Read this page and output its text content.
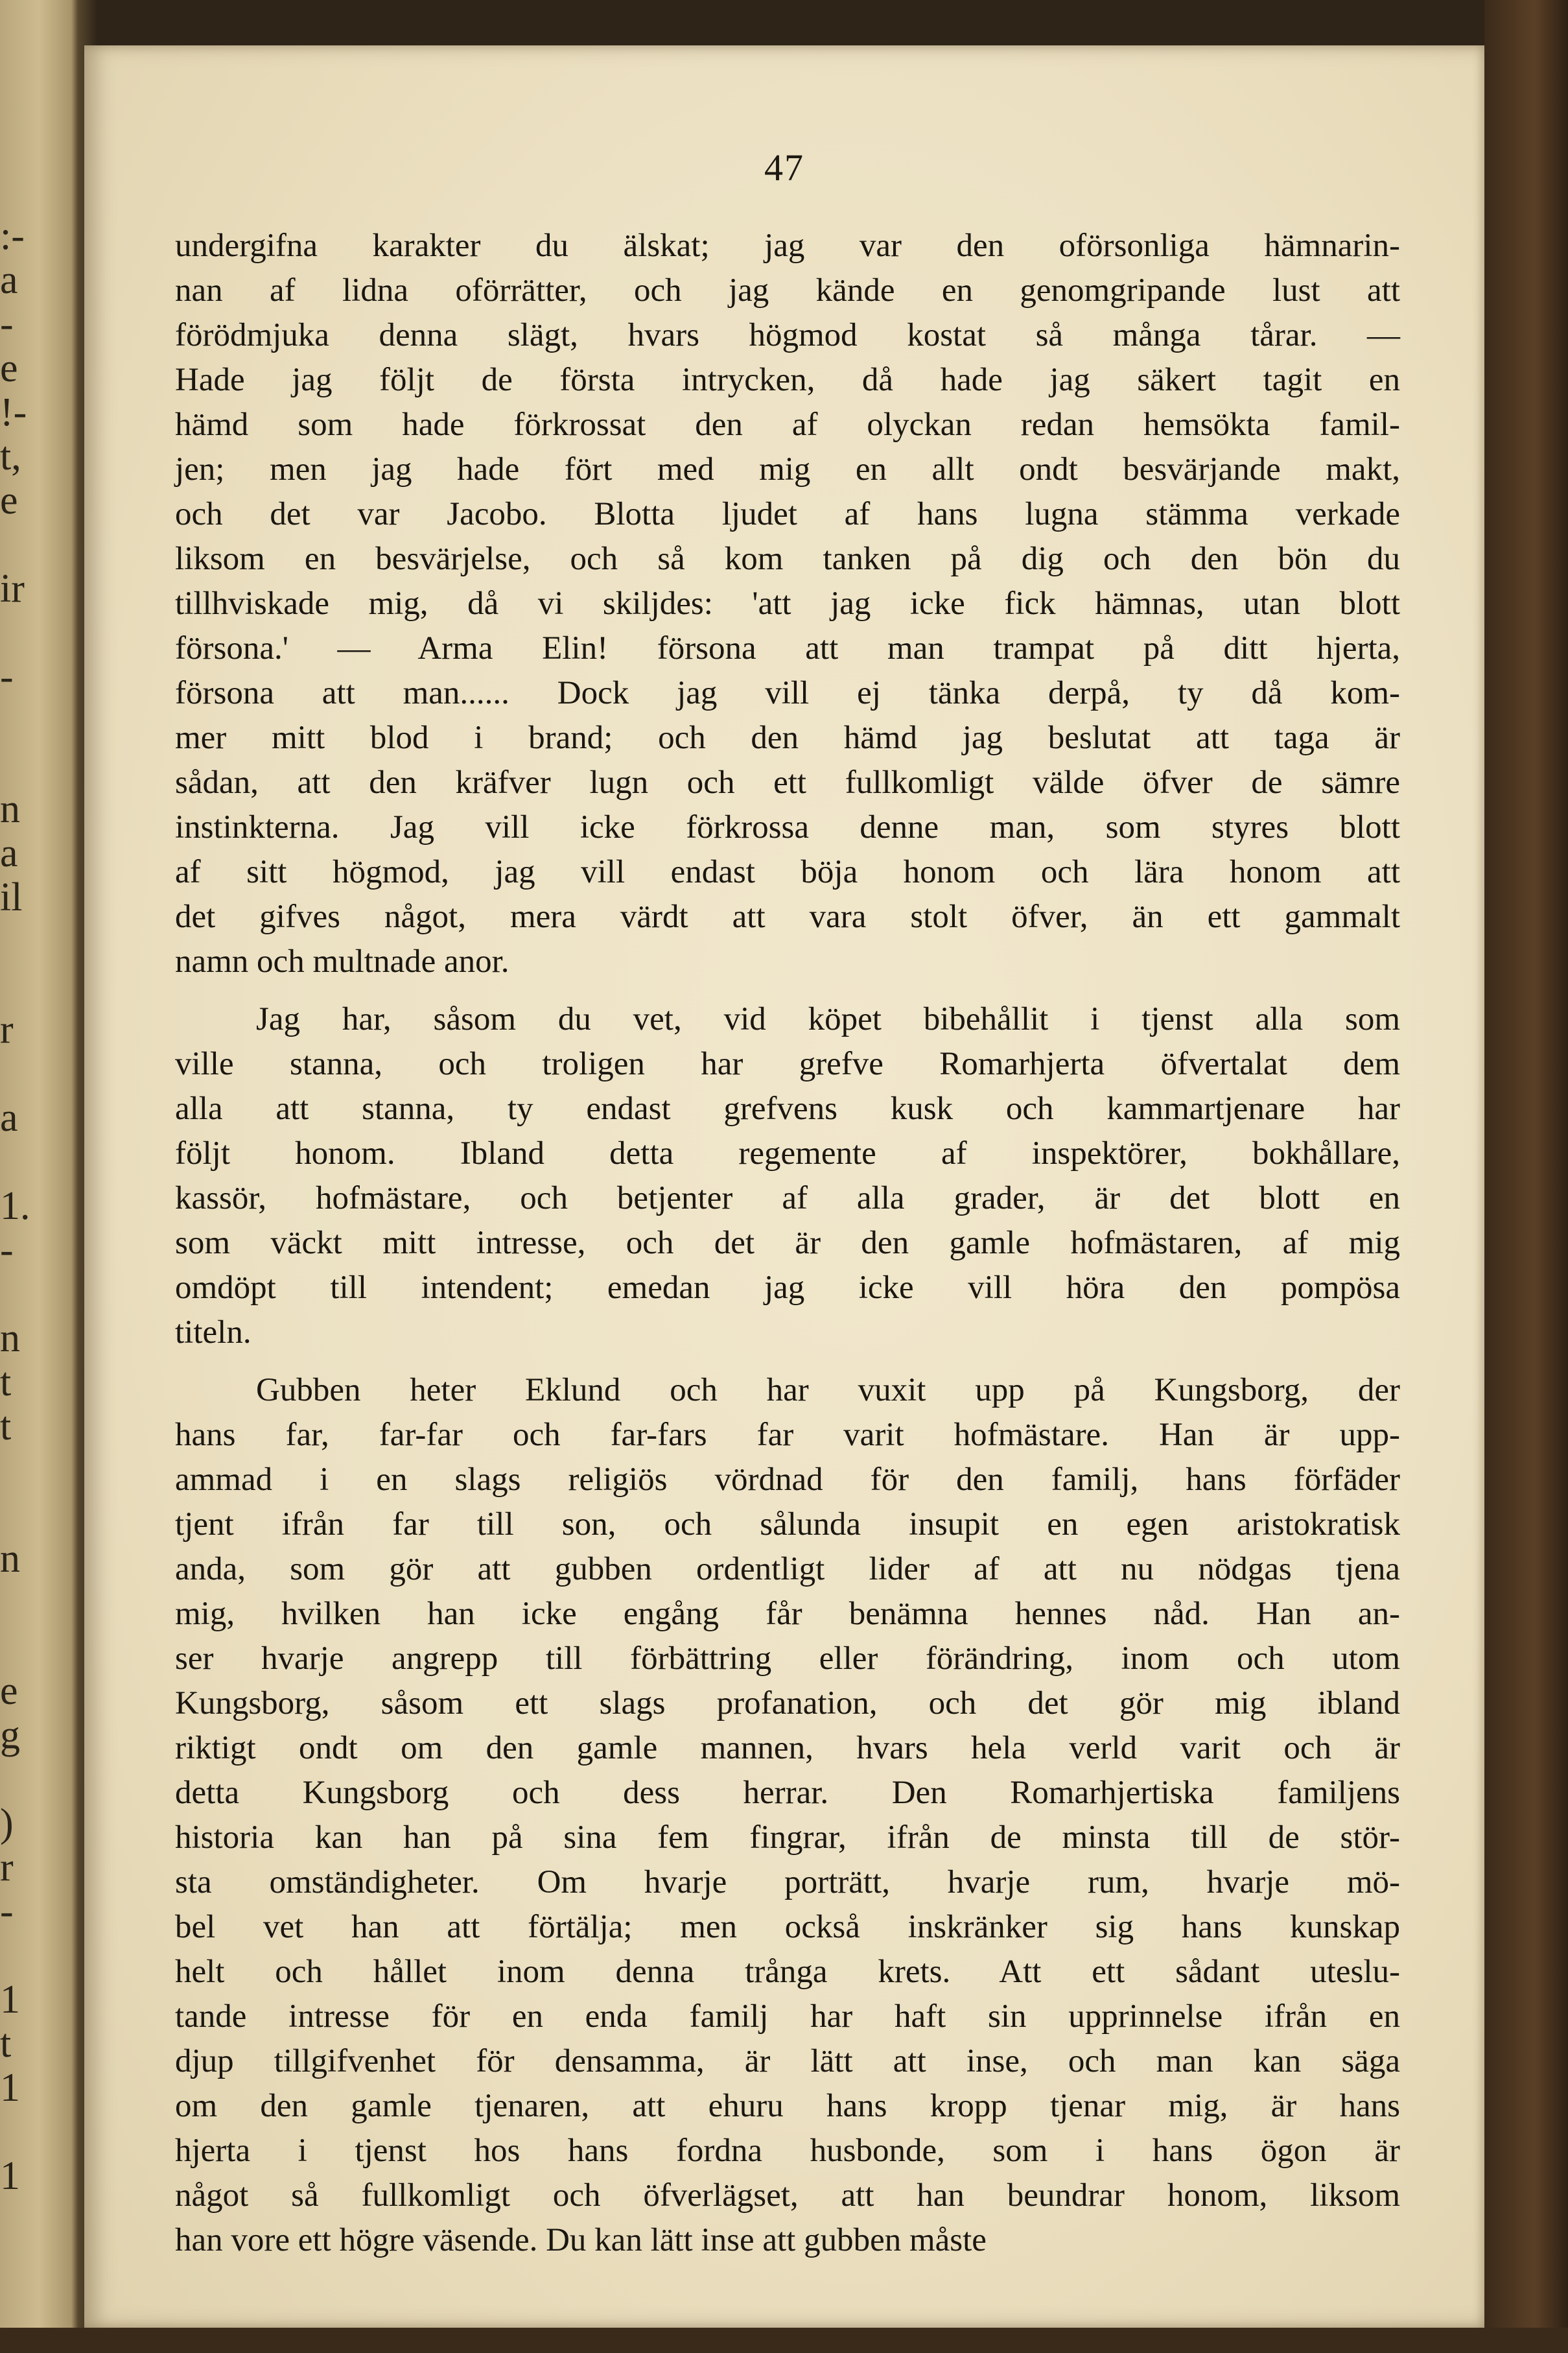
:-
a
-
e
!-
t,
e

ir

-

n
a
il

r

a

1.
-

n
t
t

n

e
g

)
r
-

1
t
1

1
47
undergifna karakter du älskat; jag var den oförsonliga hämnarin-
nan af lidna oförrätter, och jag kände en genomgripande lust att
förödmjuka denna slägt, hvars högmod kostat så många tårar. —
Hade jag följt de första intrycken, då hade jag säkert tagit en
hämd som hade förkrossat den af olyckan redan hemsökta famil-
jen; men jag hade fört med mig en allt ondt besvärjande makt,
och det var Jacobo. Blotta ljudet af hans lugna stämma verkade
liksom en besvärjelse, och så kom tanken på dig och den bön du
tillhviskade mig, då vi skiljdes: 'att jag icke fick hämnas, utan blott
försona.' — Arma Elin! försona att man trampat på ditt hjerta,
försona att man...... Dock jag vill ej tänka derpå, ty då kom-
mer mitt blod i brand; och den hämd jag beslutat att taga är
sådan, att den kräfver lugn och ett fullkomligt välde öfver de sämre
instinkterna. Jag vill icke förkrossa denne man, som styres blott
af sitt högmod, jag vill endast böja honom och lära honom att
det gifves något, mera värdt att vara stolt öfver, än ett gammalt
namn och multnade anor.
Jag har, såsom du vet, vid köpet bibehållit i tjenst alla som
ville stanna, och troligen har grefve Romarhjerta öfvertalat dem
alla att stanna, ty endast grefvens kusk och kammartjenare har
följt honom. Ibland detta regemente af inspektörer, bokhållare,
kassör, hofmästare, och betjenter af alla grader, är det blott en
som väckt mitt intresse, och det är den gamle hofmästaren, af mig
omdöpt till intendent; emedan jag icke vill höra den pompösa
titeln.
Gubben heter Eklund och har vuxit upp på Kungsborg, der
hans far, far-far och far-fars far varit hofmästare. Han är upp-
ammad i en slags religiös vördnad för den familj, hans förfäder
tjent ifrån far till son, och sålunda insupit en egen aristokratisk
anda, som gör att gubben ordentligt lider af att nu nödgas tjena
mig, hvilken han icke engång får benämna hennes nåd. Han an-
ser hvarje angrepp till förbättring eller förändring, inom och utom
Kungsborg, såsom ett slags profanation, och det gör mig ibland
riktigt ondt om den gamle mannen, hvars hela verld varit och är
detta Kungsborg och dess herrar. Den Romarhjertiska familjens
historia kan han på sina fem fingrar, ifrån de minsta till de stör-
sta omständigheter. Om hvarje porträtt, hvarje rum, hvarje mö-
bel vet han att förtälja; men också inskränker sig hans kunskap
helt och hållet inom denna trånga krets. Att ett sådant uteslu-
tande intresse för en enda familj har haft sin upprinnelse ifrån en
djup tillgifvenhet för densamma, är lätt att inse, och man kan säga
om den gamle tjenaren, att ehuru hans kropp tjenar mig, är hans
hjerta i tjenst hos hans fordna husbonde, som i hans ögon är
något så fullkomligt och öfverlägset, att han beundrar honom, liksom
han vore ett högre väsende. Du kan lätt inse att gubben måste
